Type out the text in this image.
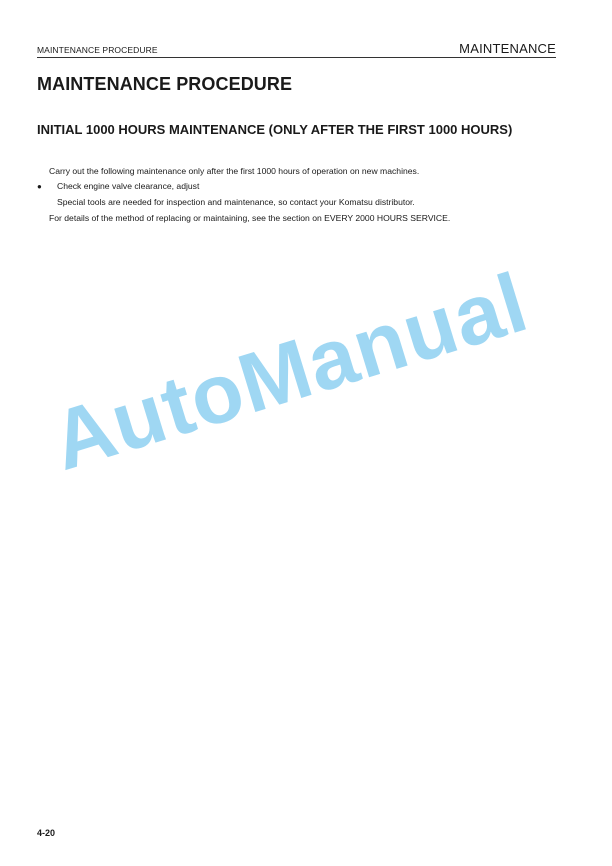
MAINTENANCE PROCEDURE	MAINTENANCE
MAINTENANCE PROCEDURE
INITIAL 1000 HOURS MAINTENANCE (ONLY AFTER THE FIRST 1000 HOURS)
Carry out the following maintenance only after the first 1000 hours of operation on new machines.
● Check engine valve clearance, adjust
Special tools are needed for inspection and maintenance, so contact your Komatsu distributor.
For details of the method of replacing or maintaining, see the section on EVERY 2000 HOURS SERVICE.
AutoManual
4-20
